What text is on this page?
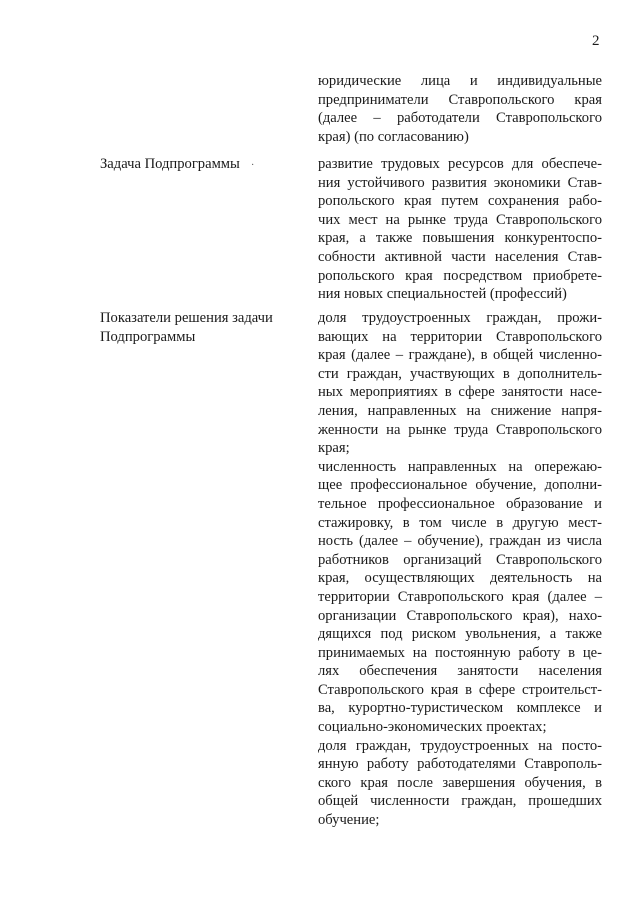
2
юридические лица и индивидуальные
предприниматели Ставропольского края
(далее – работодатели Ставропольского
края) (по согласованию)
Задача Подпрограммы	·	развитие трудовых ресурсов для обеспече-
ния устойчивого развития экономики Став-
ропольского края путем сохранения рабо-
чих мест на рынке труда Ставропольского
края, а также повышения конкурентоспо-
собности активной части населения Став-
ропольского края посредством приобрете-
ния новых специальностей (профессий)
Показатели решения задачи
Подпрограммы
доля трудоустроенных граждан, прожи-
вающих на территории Ставропольского
края (далее – граждане), в общей численно-
сти граждан, участвующих в дополнитель-
ных мероприятиях в сфере занятости насе-
ления, направленных на снижение напря-
женности на рынке труда Ставропольского
края;
численность направленных на опережаю-
щее профессиональное обучение, дополни-
тельное профессиональное образование и
стажировку, в том числе в другую мест-
ность (далее – обучение), граждан из числа
работников организаций Ставропольского
края, осуществляющих деятельность на
территории Ставропольского края (далее –
организации Ставропольского края), нахо-
дящихся под риском увольнения, а также
принимаемых на постоянную работу в це-
лях обеспечения занятости населения
Ставропольского края в сфере строительст-
ва, курортно-туристическом комплексе и
социально-экономических проектах;
доля граждан, трудоустроенных на посто-
янную работу работодателями Ставрополь-
ского края после завершения обучения, в
общей численности граждан, прошедших
обучение;
